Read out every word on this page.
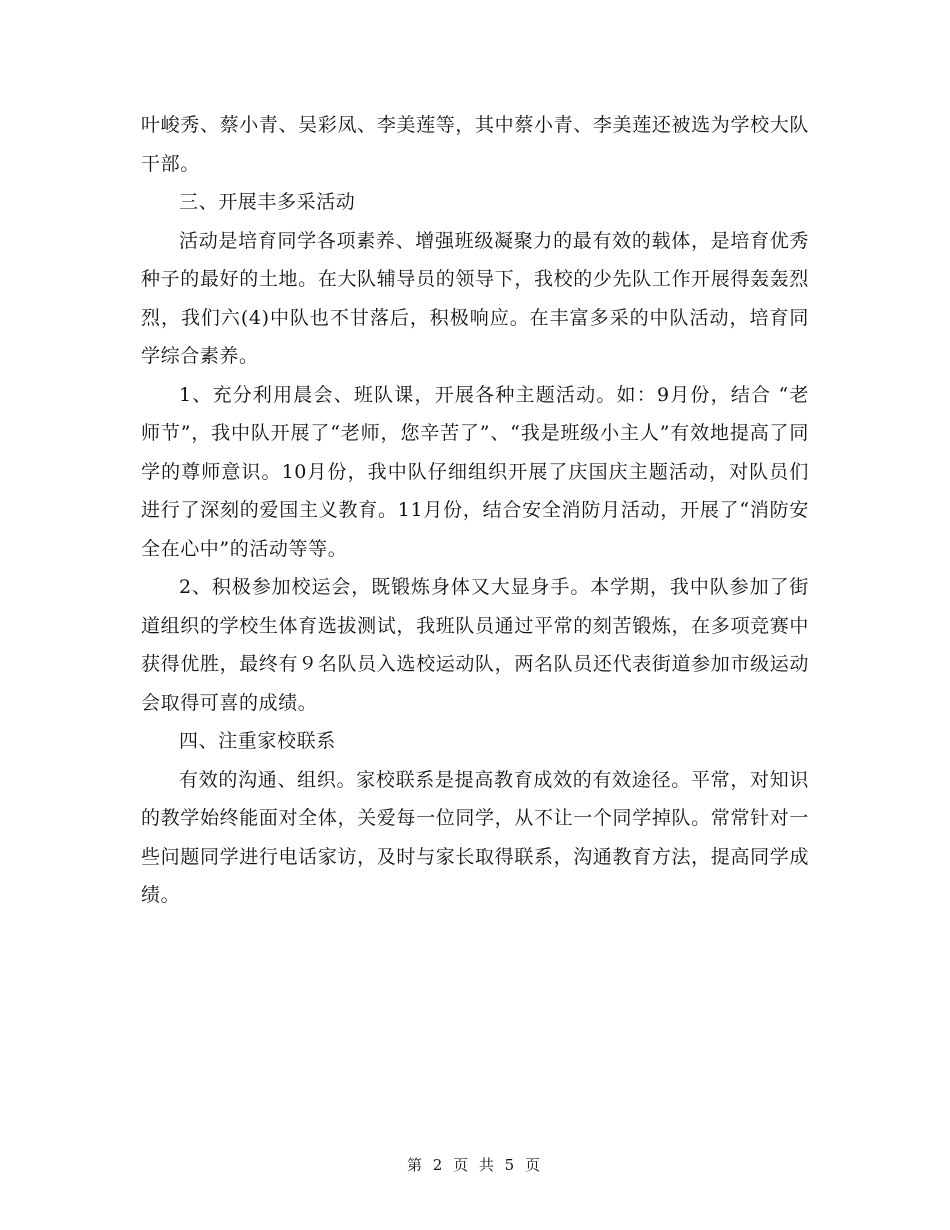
叶峻秀、蔡小青、吴彩凤、李美莲等，其中蔡小青、李美莲还被选为学校大队干部。

三、开展丰多采活动

活动是培育同学各项素养、增强班级凝聚力的最有效的载体，是培育优秀种子的最好的土地。在大队辅导员的领导下，我校的少先队工作开展得轰轰烈烈，我们六(4)中队也不甘落后，积极响应。在丰富多采的中队活动，培育同学综合素养。

1、充分利用晨会、班队课，开展各种主题活动。如：9月份，结合 “老师节”，我中队开展了“老师，您辛苦了”、“我是班级小主人”有效地提高了同学的尊师意识。10月份，我中队仔细组织开展了庆国庆主题活动，对队员们进行了深刻的爱国主义教育。11月份，结合安全消防月活动，开展了“消防安全在心中”的活动等等。

2、积极参加校运会，既锻炼身体又大显身手。本学期，我中队参加了街道组织的学校生体育选拔测试，我班队员通过平常的刻苦锻炼，在多项竞赛中获得优胜，最终有９名队员入选校运动队，两名队员还代表街道参加市级运动会取得可喜的成绩。

四、注重家校联系

有效的沟通、组织。家校联系是提高教育成效的有效途径。平常，对知识的教学始终能面对全体，关爱每一位同学，从不让一个同学掉队。常常针对一些问题同学进行电话家访，及时与家长取得联系，沟通教育方法，提高同学成绩。

第 2 页 共 5 页
